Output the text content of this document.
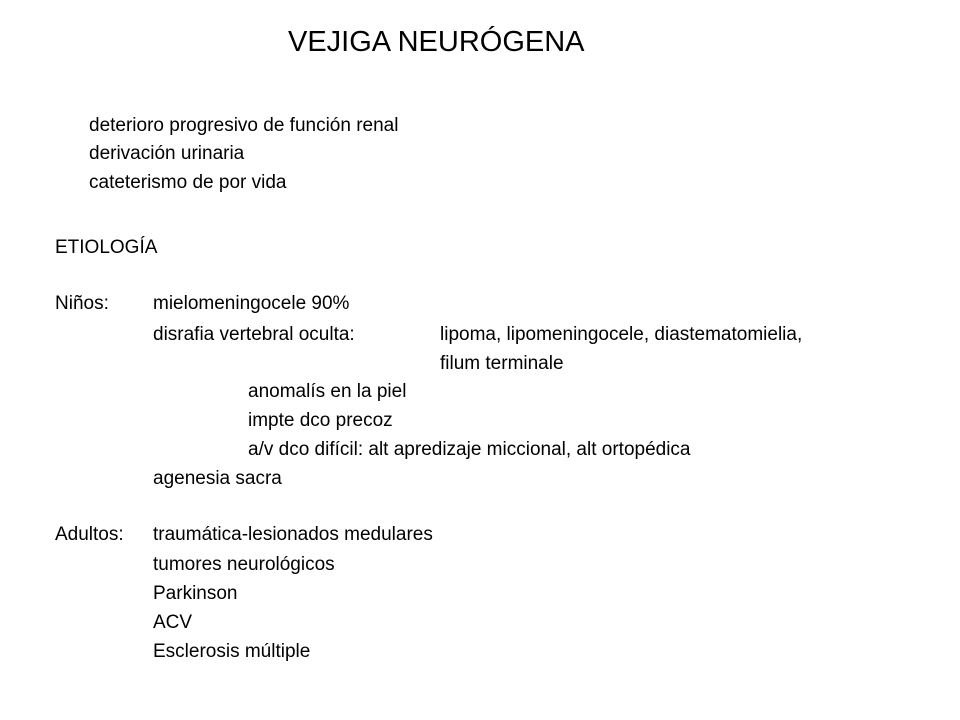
VEJIGA NEURÓGENA
deterioro progresivo de función renal
derivación urinaria
cateterismo de por vida
ETIOLOGÍA
Niños: mielomeningocele 90%
disrafia vertebral oculta:	lipoma, lipomeningocele, diastematomielia,
filum terminale
anomalís en la piel
impte dco precoz
a/v dco difícil: alt apredizaje miccional, alt ortopédica
agenesia sacra
Adultos: traumática-lesionados medulares
tumores neurológicos
Parkinson
ACV
Esclerosis múltiple
